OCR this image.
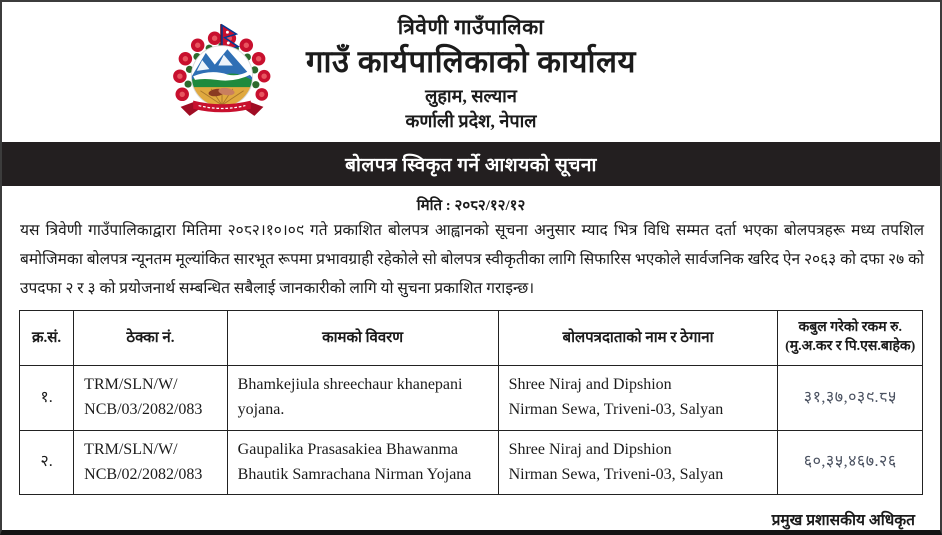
त्रिवेणी गाउँपालिका
गाउँ कार्यपालिकाको कार्यालय
लुहाम, सल्यान
कर्णाली प्रदेश, नेपाल
बोलपत्र स्विकृत गर्ने आशयको सूचना
मिति : २०८२/१२/१२

यस त्रिवेणी गाउँपालिकाद्वारा मितिमा २०८२।१०।०९ गते प्रकाशित बोलपत्र आह्वानको सूचना अनुसार म्याद भित्र विधि सम्मत दर्ता भएका बोलपत्रहरू मध्य तपशिल बमोजिमका बोलपत्र न्यूनतम मूल्यांकित सारभूत रूपमा प्रभावग्राही रहेकोले सो बोलपत्र स्वीकृतीका लागि सिफारिस भएकोले सार्वजनिक खरिद ऐन २०६३ को दफा २७ को उपदफा २ र ३ को प्रयोजनार्थ सम्बन्धित सबैलाई जानकारीको लागि यो सुचना प्रकाशित गराइन्छ।

क्र.सं.	ठेक्का नं.	कामको विवरण	बोलपत्रदाताको नाम र ठेगाना	कबुल गरेको रकम रु.
(मु.अ.कर र पि.एस.बाहेक)
१.	TRM/SLN/W/
NCB/03/2082/083	Bhamkejiula shreechaur khanepani yojana.	Shree Niraj and Dipshion
Nirman Sewa, Triveni-03, Salyan	३१,३७,०३९.८५
२.	TRM/SLN/W/
NCB/02/2082/083	Gaupalika Prasasakiea Bhawanma Bhautik Samrachana Nirman Yojana	Shree Niraj and Dipshion
Nirman Sewa, Triveni-03, Salyan	६०,३५,४६७.२६
प्रमुख प्रशासकीय अधिकृत
